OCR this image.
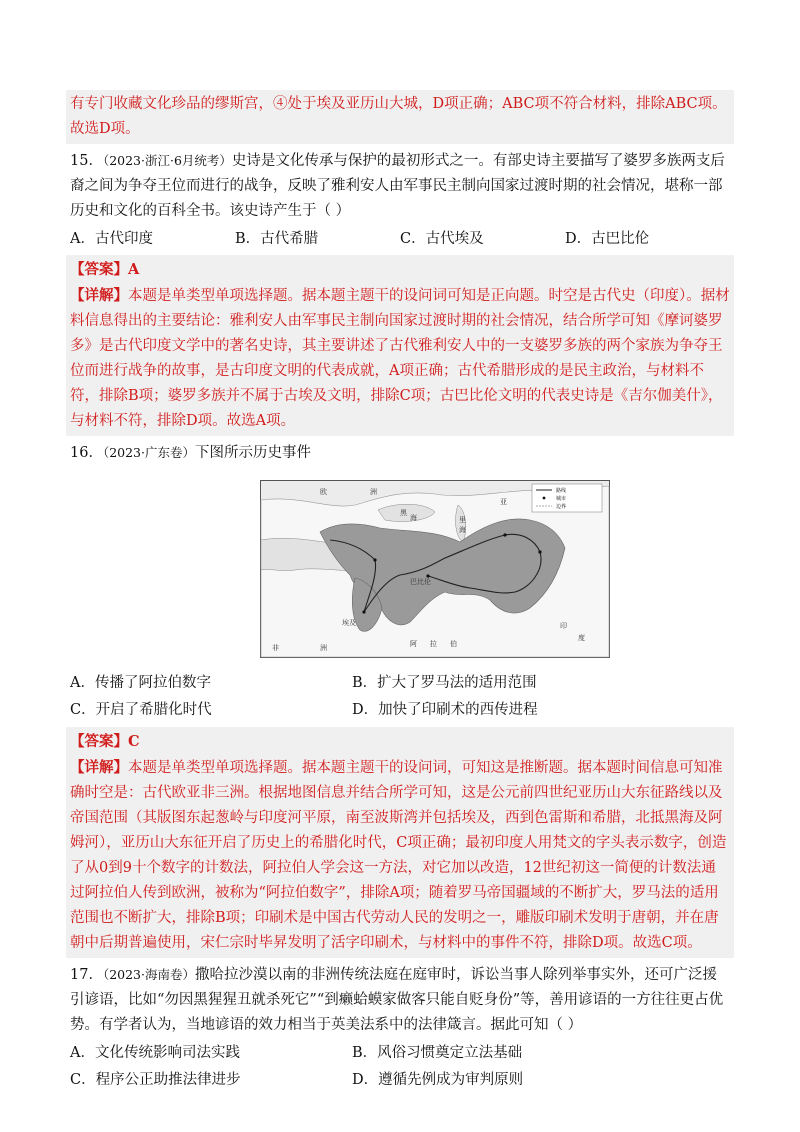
有专门收藏文化珍品的缪斯宫，④处于埃及亚历山大城，D项正确；ABC项不符合材料，排除ABC项。
故选D项。
15．（2023·浙江·6月统考）史诗是文化传承与保护的最初形式之一。有部史诗主要描写了婆罗多族两支后裔之间为争夺王位而进行的战争，反映了雅利安人由军事民主制向国家过渡时期的社会情况，堪称一部历史和文化的百科全书。该史诗产生于（ ）
A．古代印度	B．古代希腊	C．古代埃及	D．古巴比伦
【答案】A
【详解】本题是单类型单项选择题。据本题主题干的设问词可知是正向题。时空是古代史（印度）。据材料信息得出的主要结论：雅利安人由军事民主制向国家过渡时期的社会情况，结合所学可知《摩诃婆罗多》是古代印度文学中的著名史诗，其主要讲述了古代雅利安人中的一支婆罗多族的两个家族为争夺王位而进行战争的故事，是古印度文明的代表成就，A项正确；古代希腊形成的是民主政治，与材料不符，排除B项；婆罗多族并不属于古埃及文明，排除C项；古巴比伦文明的代表史诗是《吉尔伽美什》，与材料不符，排除D项。故选A项。
16．（2023·广东卷）下图所示历史事件
路线
城市
边界
欧	洲
黑
海	里
海
亚
巴比伦
埃及
非	洲	阿 拉 伯
印
度
A．传播了阿拉伯数字	B．扩大了罗马法的适用范围
C．开启了希腊化时代	D．加快了印刷术的西传进程
【答案】C
【详解】本题是单类型单项选择题。据本题主题干的设问词，可知这是推断题。据本题时间信息可知准确时空是：古代欧亚非三洲。根据地图信息并结合所学可知，这是公元前四世纪亚历山大东征路线以及帝国范围（其版图东起葱岭与印度河平原，南至波斯湾并包括埃及，西到色雷斯和希腊，北抵黑海及阿姆河），亚历山大东征开启了历史上的希腊化时代，C项正确；最初印度人用梵文的字头表示数字，创造了从0到9十个数字的计数法，阿拉伯人学会这一方法，对它加以改造，12世纪初这一简便的计数法通过阿拉伯人传到欧洲，被称为“阿拉伯数字”，排除A项；随着罗马帝国疆域的不断扩大，罗马法的适用范围也不断扩大，排除B项；印刷术是中国古代劳动人民的发明之一，雕版印刷术发明于唐朝，并在唐朝中后期普遍使用，宋仁宗时毕昇发明了活字印刷术，与材料中的事件不符，排除D项。故选C项。
17．（2023·海南卷）撒哈拉沙漠以南的非洲传统法庭在庭审时，诉讼当事人除列举事实外，还可广泛援引谚语，比如“勿因黑猩猩丑就杀死它”“到癞蛤蟆家做客只能自贬身份”等，善用谚语的一方往往更占优势。有学者认为，当地谚语的效力相当于英美法系中的法律箴言。据此可知（ ）
A．文化传统影响司法实践	B．风俗习惯奠定立法基础
C．程序公正助推法律进步	D．遵循先例成为审判原则
